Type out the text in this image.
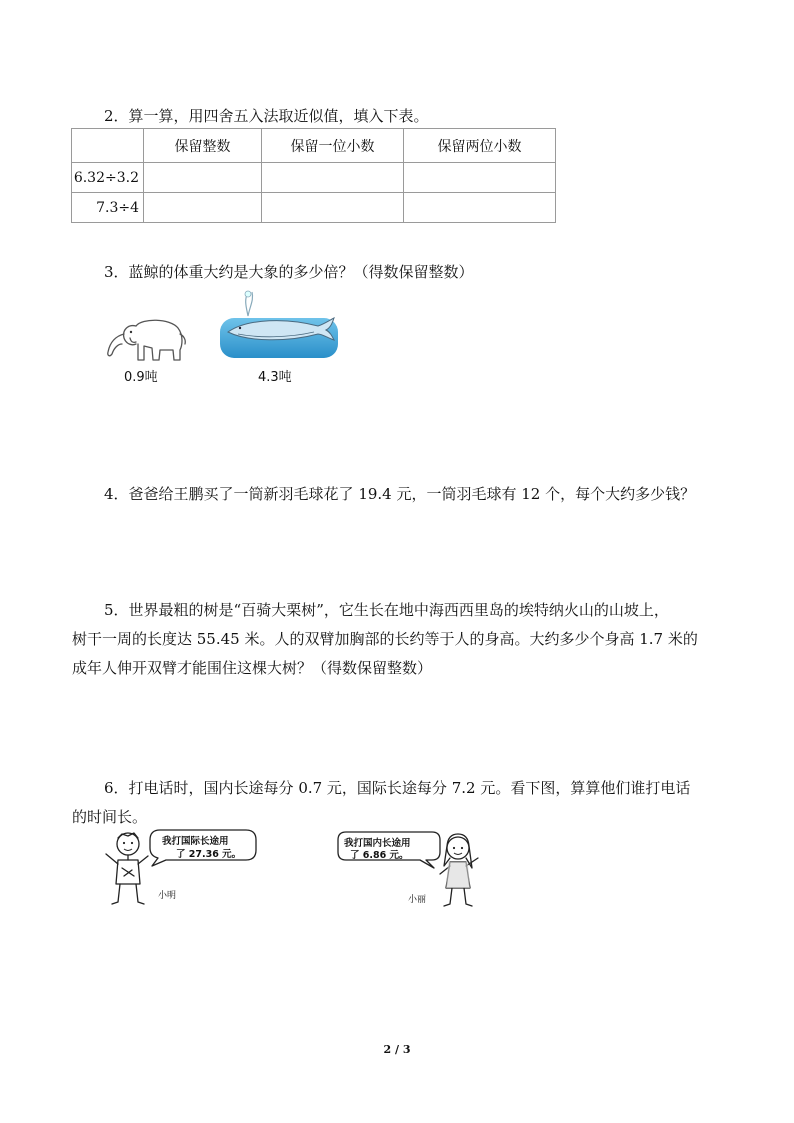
2．算一算，用四舍五入法取近似值，填入下表。

	保留整数	保留一位小数	保留两位小数
6.32÷3.2			
7.3÷4			

3．蓝鲸的体重大约是大象的多少倍？（得数保留整数）

0.9吨	4.3吨

4．爸爸给王鹏买了一筒新羽毛球花了 19.4 元，一筒羽毛球有 12 个，每个大约多少钱？

5．世界最粗的树是“百骑大栗树”，它生长在地中海西西里岛的埃特纳火山的山坡上，

树干一周的长度达 55.45 米。人的双臂加胸部的长约等于人的身高。大约多少个身高 1.7 米的

成年人伸开双臂才能围住这棵大树？（得数保留整数）

6．打电话时，国内长途每分 0.7 元，国际长途每分 7.2 元。看下图，算算他们谁打电话

的时间长。

我打国际长途用
了 27.36 元。
小明
我打国内长途用
了 6.86 元。
小丽
2 / 3
